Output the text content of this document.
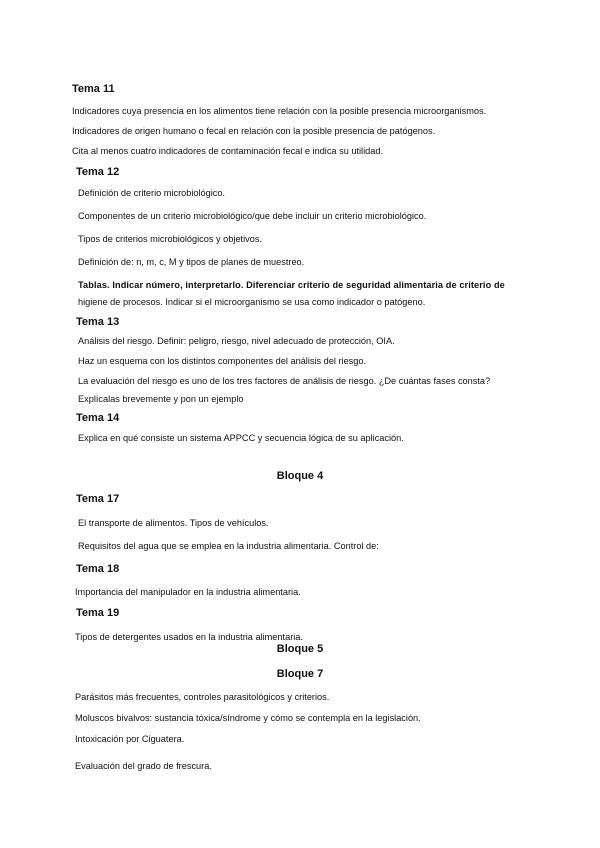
Tema 11
Indicadores cuya presencia en los alimentos tiene relación con la posible presencia microorganismos.
Indicadores de origen humano o fecal en relación con la posible presencia de patógenos.
Cita al menos cuatro indicadores de contaminación fecal e indica su utilidad.
Tema 12
Definición de criterio microbiológico.
Componentes de un criterio microbiológico/que debe incluir un criterio microbiológico.
Tipos de criterios microbiológicos y objetivos.
Definición de: n, m, c, M y tipos de planes de muestreo.
Tablas. Indicar número, interpretarlo. Diferenciar criterio de seguridad alimentaria de criterio de
higiene de procesos. Indicar si el microorganismo se usa como indicador o patógeno.
Tema 13
Análisis del riesgo. Definir: peligro, riesgo, nivel adecuado de protección, OIA.
Haz un esquema con los distintos componentes del análisis del riesgo.
La evaluación del riesgo es uno de los tres factores de análisis de riesgo. ¿De cuántas fases consta?
Explícalas brevemente y pon un ejemplo
Tema 14
Explica en qué consiste un sistema APPCC y secuencia lógica de su aplicación.
Bloque 4
Tema 17
El transporte de alimentos. Tipos de vehículos.
Requisitos del agua que se emplea en la industria alimentaria. Control de:
Tema 18
Importancia del manipulador en la industria alimentaria.
Tema 19
Tipos de detergentes usados en la industria alimentaria.
Bloque 5
Bloque 7
Parásitos más frecuentes, controles parasitológicos y criterios.
Moluscos bivalvos: sustancia tóxica/síndrome y cómo se contempla en la legislación.
Intoxicación por Ciguatera.
Evaluación del grado de frescura.
